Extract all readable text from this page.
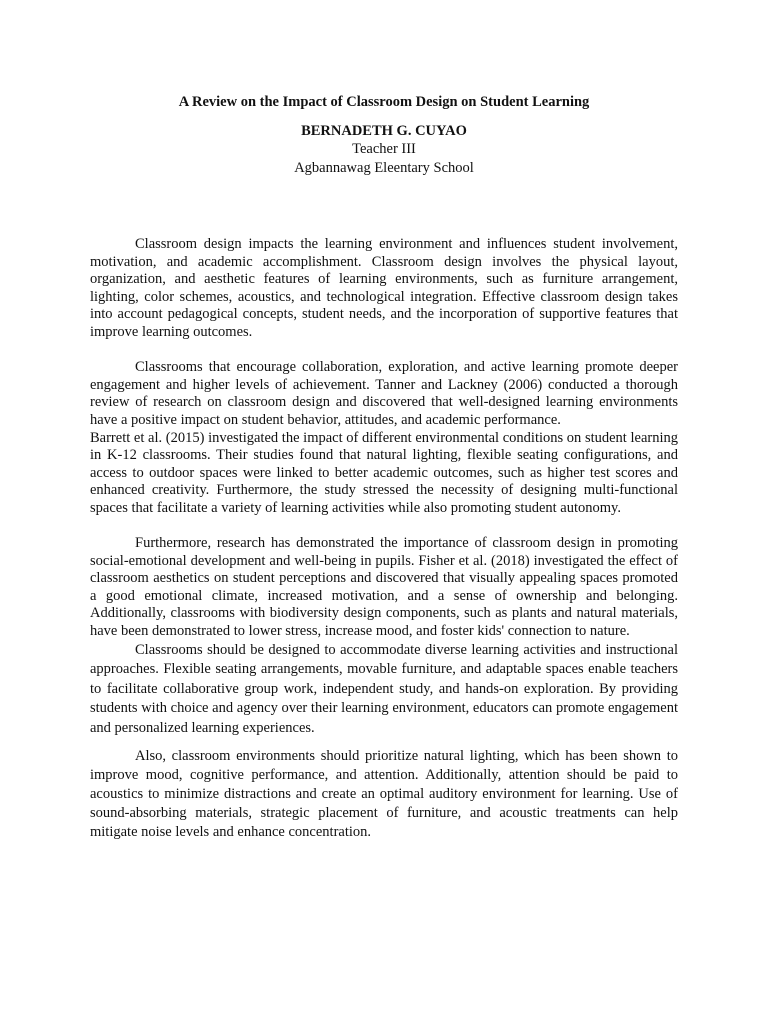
A Review on the Impact of Classroom Design on Student Learning

BERNADETH G. CUYAO

Teacher III

Agbannawag Eleentary School

Classroom design impacts the learning environment and influences student involvement, motivation, and academic accomplishment. Classroom design involves the physical layout, organization, and aesthetic features of learning environments, such as furniture arrangement, lighting, color schemes, acoustics, and technological integration. Effective classroom design takes into account pedagogical concepts, student needs, and the incorporation of supportive features that improve learning outcomes.

Classrooms that encourage collaboration, exploration, and active learning promote deeper engagement and higher levels of achievement. Tanner and Lackney (2006) conducted a thorough review of research on classroom design and discovered that well-designed learning environments have a positive impact on student behavior, attitudes, and academic performance.

Barrett et al. (2015) investigated the impact of different environmental conditions on student learning in K-12 classrooms. Their studies found that natural lighting, flexible seating configurations, and access to outdoor spaces were linked to better academic outcomes, such as higher test scores and enhanced creativity. Furthermore, the study stressed the necessity of designing multi-functional spaces that facilitate a variety of learning activities while also promoting student autonomy.

Furthermore, research has demonstrated the importance of classroom design in promoting social-emotional development and well-being in pupils. Fisher et al. (2018) investigated the effect of classroom aesthetics on student perceptions and discovered that visually appealing spaces promoted a good emotional climate, increased motivation, and a sense of ownership and belonging. Additionally, classrooms with biodiversity design components, such as plants and natural materials, have been demonstrated to lower stress, increase mood, and foster kids' connection to nature.

Classrooms should be designed to accommodate diverse learning activities and instructional approaches. Flexible seating arrangements, movable furniture, and adaptable spaces enable teachers to facilitate collaborative group work, independent study, and hands-on exploration. By providing students with choice and agency over their learning environment, educators can promote engagement and personalized learning experiences.

Also, classroom environments should prioritize natural lighting, which has been shown to improve mood, cognitive performance, and attention. Additionally, attention should be paid to acoustics to minimize distractions and create an optimal auditory environment for learning. Use of sound-absorbing materials, strategic placement of furniture, and acoustic treatments can help mitigate noise levels and enhance concentration.
